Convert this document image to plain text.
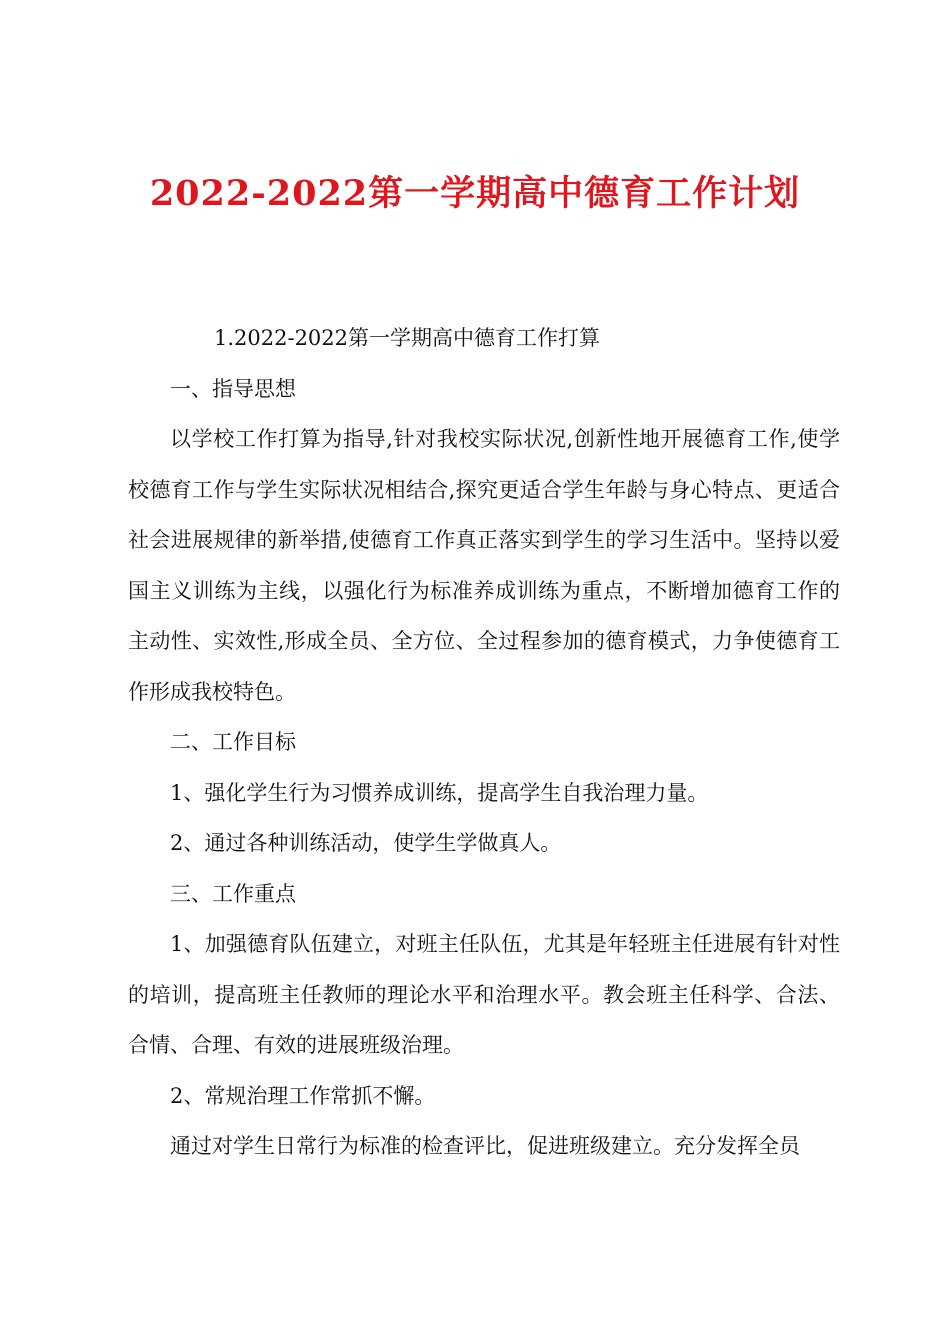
2022-2022第一学期高中德育工作计划

1.2022-2022第一学期高中德育工作打算

一、指导思想

以学校工作打算为指导,针对我校实际状况,创新性地开展德育工作,使学校德育工作与学生实际状况相结合,探究更适合学生年龄与身心特点、更适合社会进展规律的新举措,使德育工作真正落实到学生的学习生活中。坚持以爱国主义训练为主线，以强化行为标准养成训练为重点，不断增加德育工作的主动性、实效性,形成全员、全方位、全过程参加的德育模式，力争使德育工作形成我校特色。

二、工作目标

1、强化学生行为习惯养成训练，提高学生自我治理力量。

2、通过各种训练活动，使学生学做真人。

三、工作重点

1、加强德育队伍建立，对班主任队伍，尤其是年轻班主任进展有针对性的培训，提高班主任教师的理论水平和治理水平。教会班主任科学、合法、合情、合理、有效的进展班级治理。

2、常规治理工作常抓不懈。

通过对学生日常行为标准的检查评比，促进班级建立。充分发挥全员
